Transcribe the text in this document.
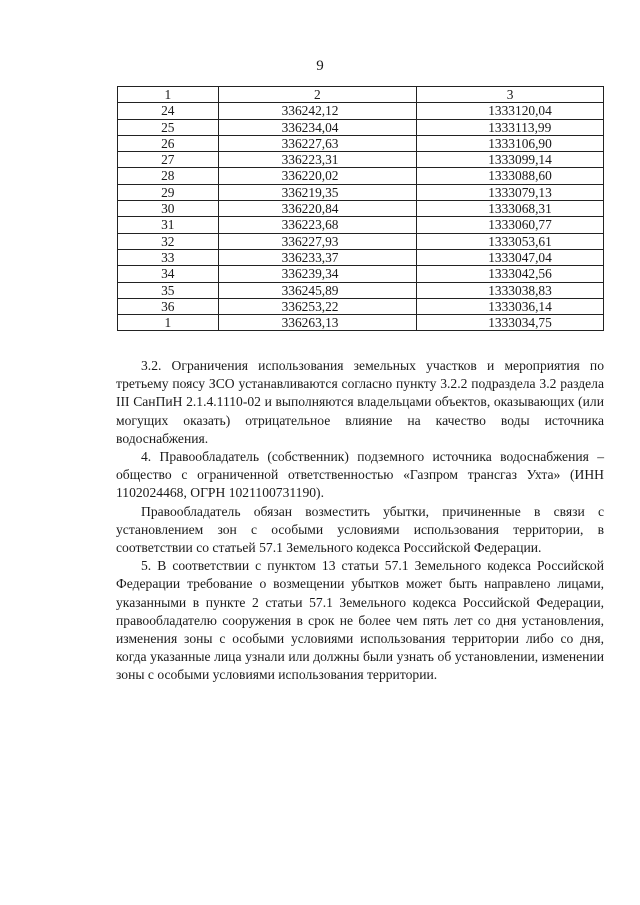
9
1	2	3
24	336242,12	1333120,04
25	336234,04	1333113,99
26	336227,63	1333106,90
27	336223,31	1333099,14
28	336220,02	1333088,60
29	336219,35	1333079,13
30	336220,84	1333068,31
31	336223,68	1333060,77
32	336227,93	1333053,61
33	336233,37	1333047,04
34	336239,34	1333042,56
35	336245,89	1333038,83
36	336253,22	1333036,14
1	336263,13	1333034,75

3.2. Ограничения использования земельных участков и мероприятия по третьему поясу ЗСО устанавливаются согласно пункту 3.2.2 подраздела 3.2 раздела III СанПиН 2.1.4.1110-02 и выполняются владельцами объектов, оказывающих (или могущих оказать) отрицательное влияние на качество воды источника водоснабжения.

4. Правообладатель (собственник) подземного источника водоснабжения – общество с ограниченной ответственностью «Газпром трансгаз Ухта» (ИНН 1102024468, ОГРН 1021100731190).

Правообладатель обязан возместить убытки, причиненные в связи с установлением зон с особыми условиями использования территории, в соответствии со статьей 57.1 Земельного кодекса Российской Федерации.

5. В соответствии с пунктом 13 статьи 57.1 Земельного кодекса Российской Федерации требование о возмещении убытков может быть направлено лицами, указанными в пункте 2 статьи 57.1 Земельного кодекса Российской Федерации, правообладателю сооружения в срок не более чем пять лет со дня установления, изменения зоны с особыми условиями использования территории либо со дня, когда указанные лица узнали или должны были узнать об установлении, изменении зоны с особыми условиями использования территории.
